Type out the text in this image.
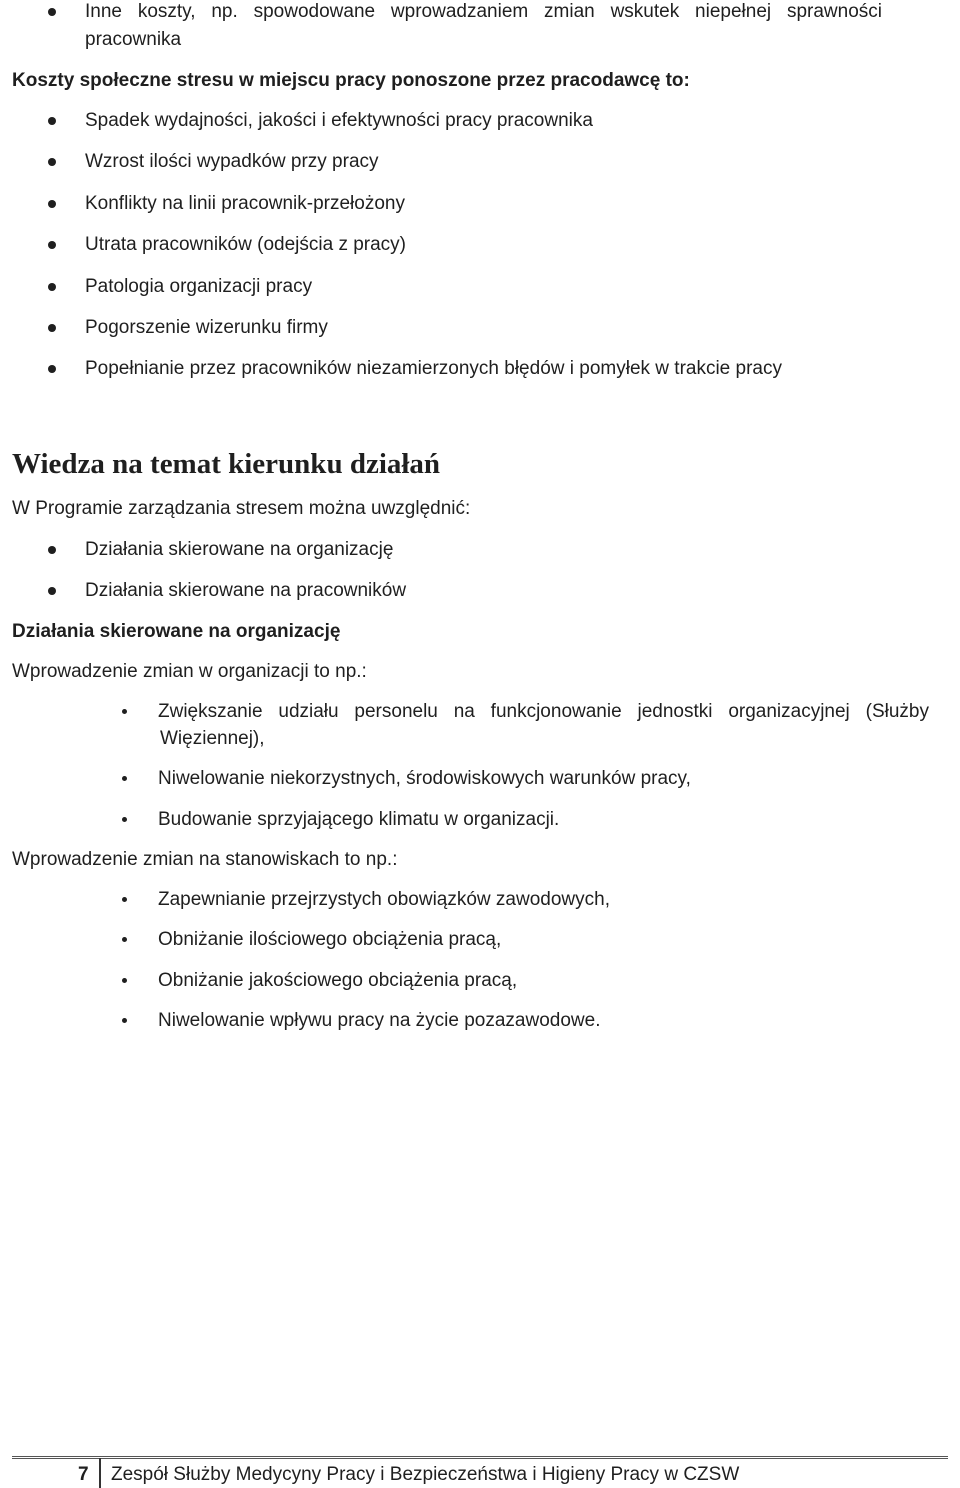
Inne   koszty,   np.   spowodowane   wprowadzaniem   zmian   wskutek   niepełnej   sprawności
pracownika
Koszty społeczne stresu w miejscu pracy ponoszone przez pracodawcę to:
Spadek wydajności, jakości i efektywności pracy pracownika
Wzrost ilości wypadków przy pracy
Konflikty na linii pracownik-przełożony
Utrata pracowników (odejścia z pracy)
Patologia organizacji pracy
Pogorszenie wizerunku firmy
Popełnianie przez pracowników niezamierzonych błędów i pomyłek w trakcie pracy
Wiedza na temat kierunku działań
W Programie zarządzania stresem można uwzględnić:
Działania skierowane na organizację
Działania skierowane na pracowników
Działania skierowane na organizację
Wprowadzenie zmian w organizacji to np.:
Zwiększanie   udziału   personelu   na   funkcjonowanie   jednostki   organizacyjnej   (Służby
Więziennej),
Niwelowanie niekorzystnych, środowiskowych warunków pracy,
Budowanie sprzyjającego klimatu w organizacji.
Wprowadzenie zmian na stanowiskach to np.:
Zapewnianie przejrzystych obowiązków zawodowych,
Obniżanie ilościowego obciążenia pracą,
Obniżanie jakościowego obciążenia pracą,
Niwelowanie wpływu pracy na życie pozazawodowe.
7 Zespół Służby Medycyny Pracy i Bezpieczeństwa i Higieny Pracy w CZSW
